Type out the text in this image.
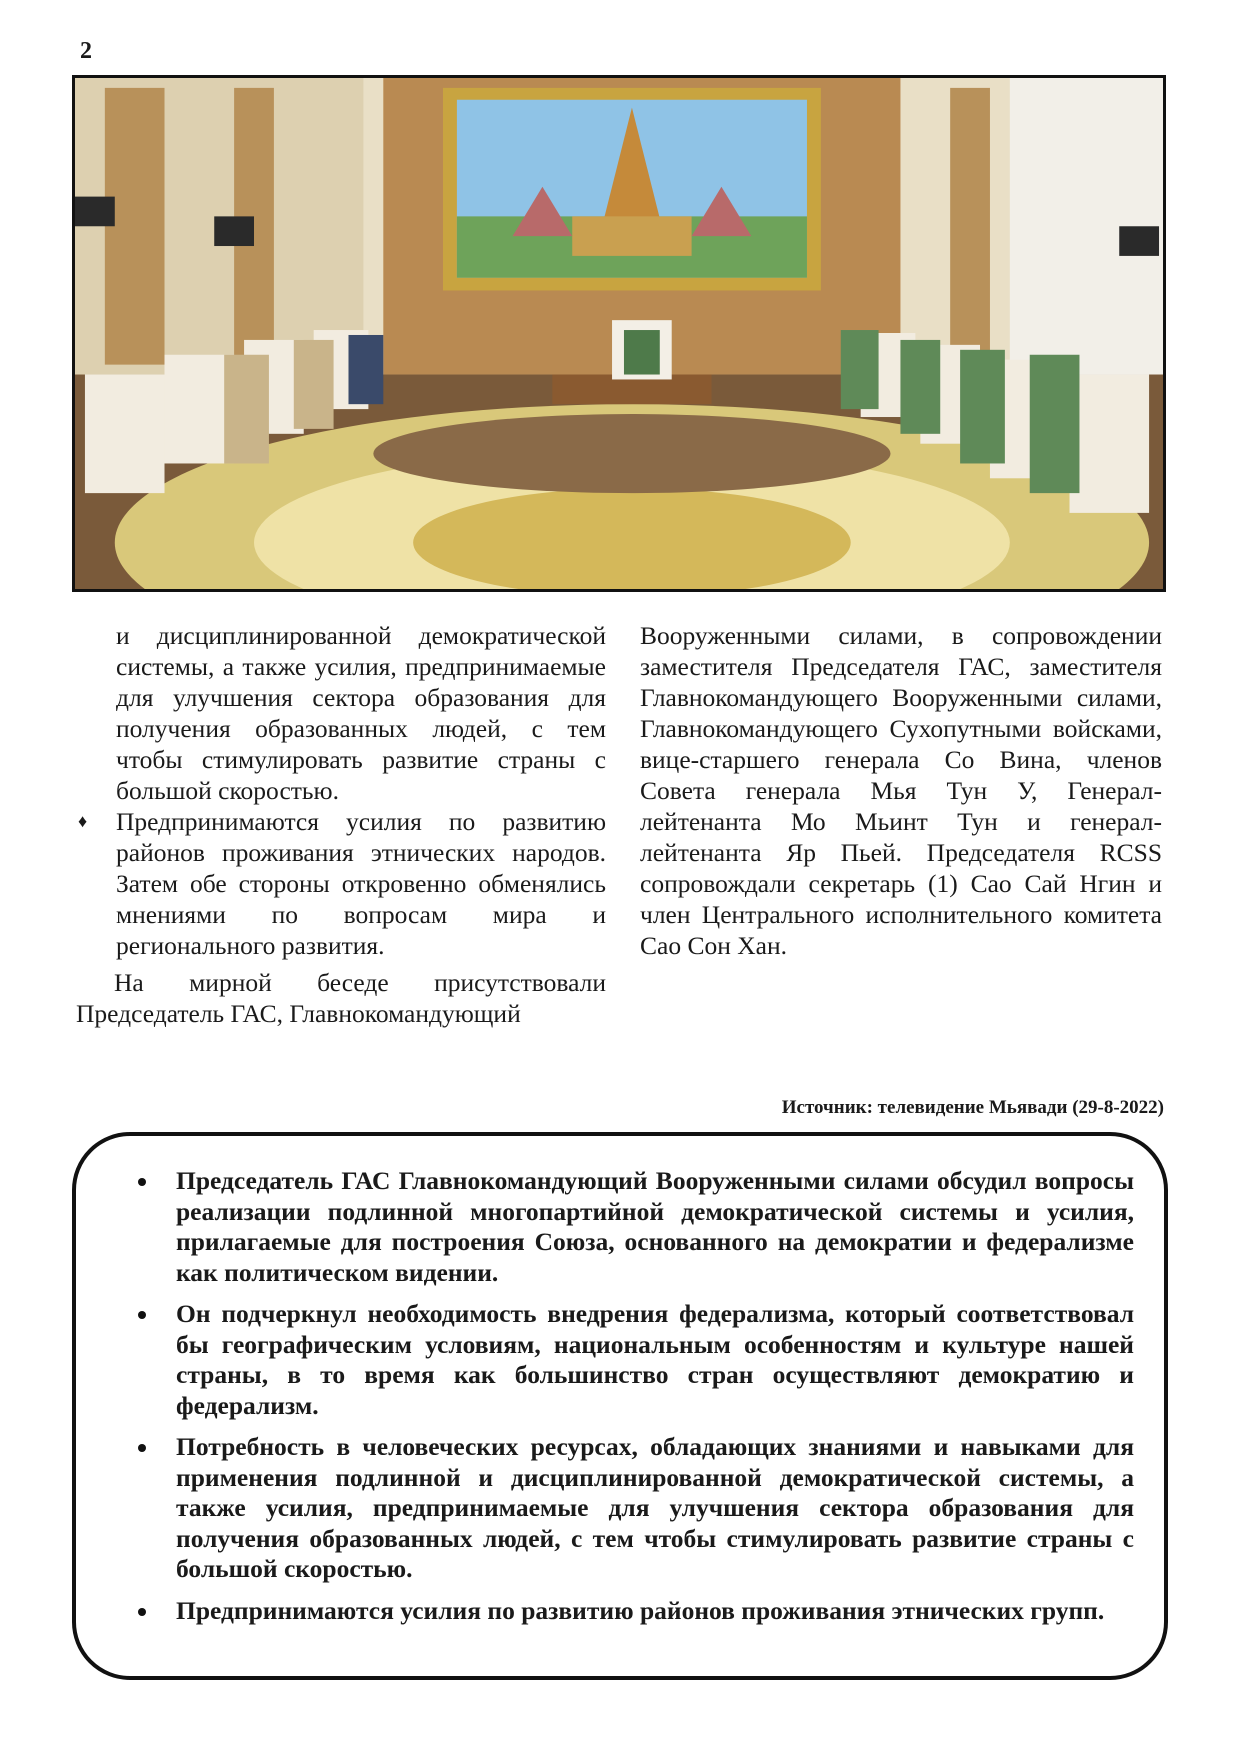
2

и дисциплинированной демократической системы, а также усилия, предпринимаемые для улучшения сектора образования для получения образованных людей, с тем чтобы стимулировать развитие страны с большой скоростью.

♦ Предпринимаются усилия по развитию районов проживания этнических народов. Затем обе стороны откровенно обменялись мнениями по вопросам мира и регионального развития.

На мирной беседе присутствовали Председатель ГАС, Главнокомандующий

Вооруженными силами, в сопровождении заместителя Председателя ГАС, заместителя Главнокомандующего Вооруженными силами, Главнокомандующего Сухопутными войсками, вице-старшего генерала Со Вина, членов Совета генерала Мья Тун У, Генерал-лейтенанта Мо Мьинт Тун и генерал-лейтенанта Яр Пьей. Председателя RCSS сопровождали секретарь (1) Сао Сай Нгин и член Центрального исполнительного комитета Сао Сон Хан.

Источник: телевидение Мьявади (29-8-2022)
Председатель ГАС Главнокомандующий Вооруженными силами обсудил вопросы реализации подлинной многопартийной демократической системы и усилия, прилагаемые для построения Союза, основанного на демократии и федерализме как политическом видении.
Он подчеркнул необходимость внедрения федерализма, который соответствовал бы географическим условиям, национальным особенностям и культуре нашей страны, в то время как большинство стран осуществляют демократию и федерализм.
Потребность в человеческих ресурсах, обладающих знаниями и навыками для применения подлинной и дисциплинированной демократической системы, а также усилия, предпринимаемые для улучшения сектора образования для получения образованных людей, с тем чтобы стимулировать развитие страны с большой скоростью.
Предпринимаются усилия по развитию районов проживания этнических групп.
